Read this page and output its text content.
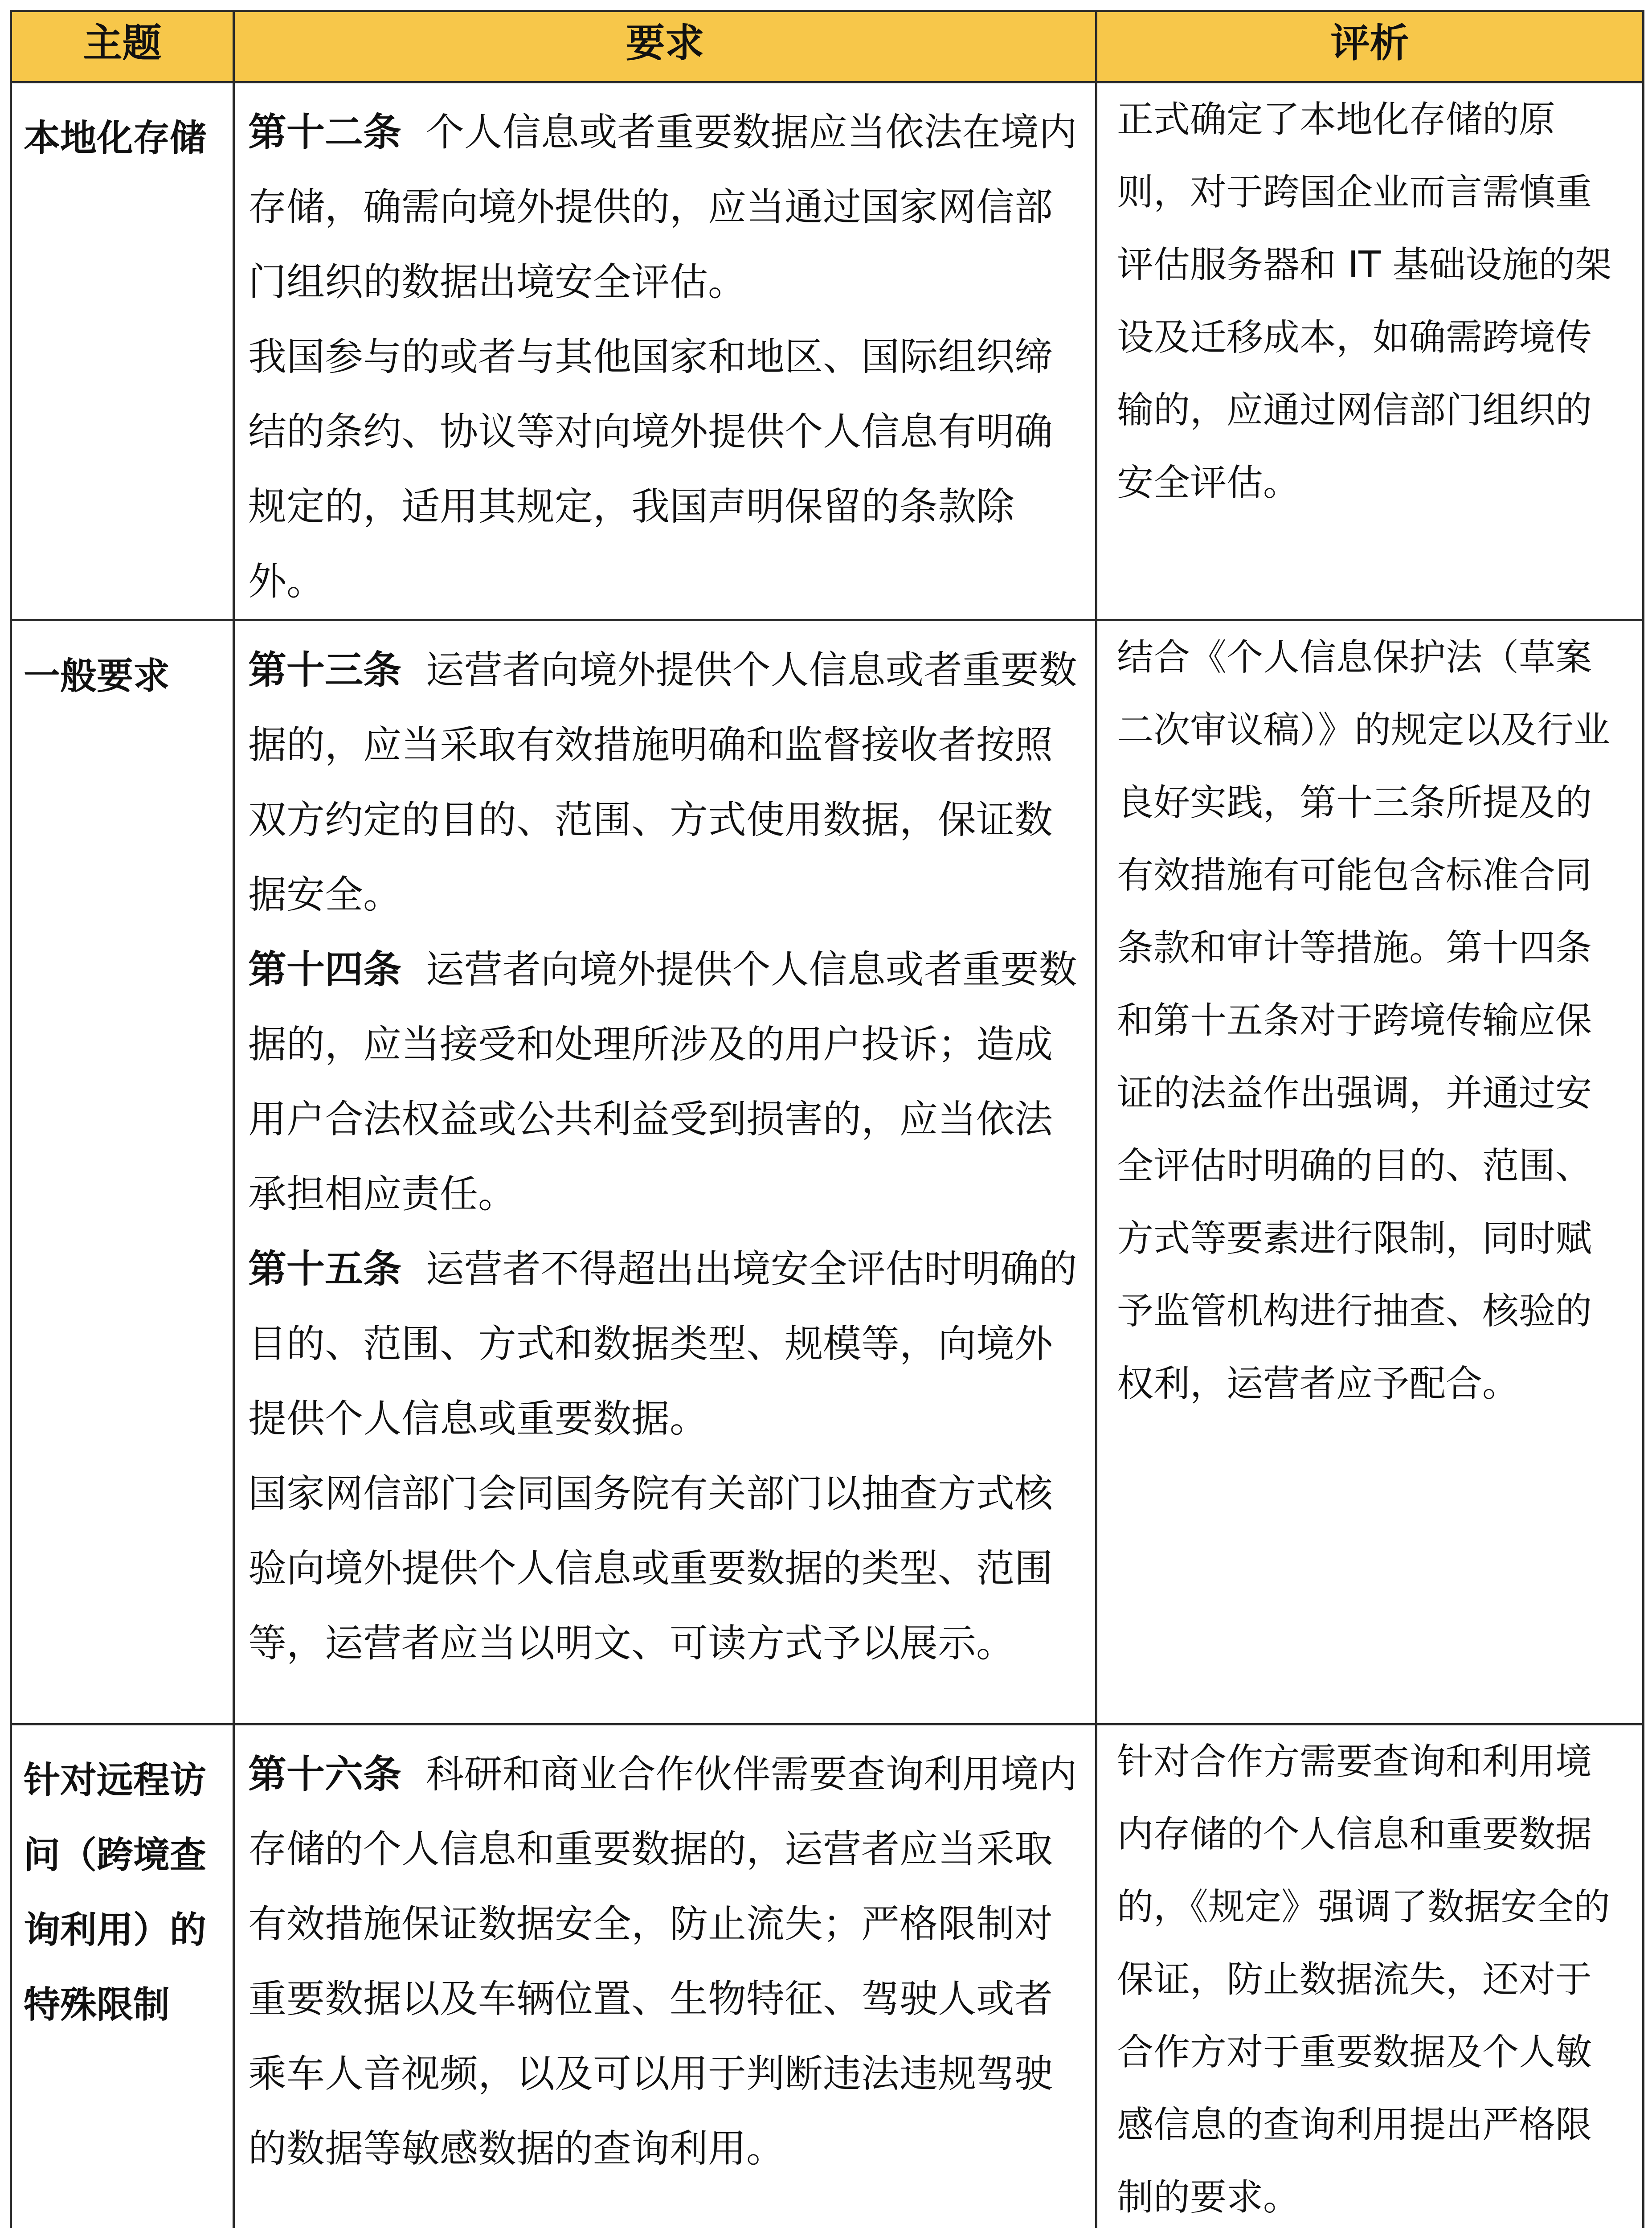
主题	要求	评析
本地化存储	第十二条 个人信息或者重要数据应当依法在境内存储，确需向境外提供的，应当通过国家网信部门组织的数据出境安全评估。

我国参与的或者与其他国家和地区、国际组织缔结的条约、协议等对向境外提供个人信息有明确规定的，适用其规定，我国声明保留的条款除外。	正式确定了本地化存储的原则，对于跨国企业而言需慎重评估服务器和 IT 基础设施的架设及迁移成本，如确需跨境传输的，应通过网信部门组织的安全评估。
一般要求	第十三条 运营者向境外提供个人信息或者重要数据的，应当采取有效措施明确和监督接收者按照双方约定的目的、范围、方式使用数据，保证数据安全。

第十四条 运营者向境外提供个人信息或者重要数据的，应当接受和处理所涉及的用户投诉；造成用户合法权益或公共利益受到损害的，应当依法承担相应责任。

第十五条 运营者不得超出出境安全评估时明确的目的、范围、方式和数据类型、规模等，向境外提供个人信息或重要数据。

国家网信部门会同国务院有关部门以抽查方式核验向境外提供个人信息或重要数据的类型、范围等，运营者应当以明文、可读方式予以展示。	结合《个人信息保护法（草案二次审议稿）》的规定以及行业良好实践，第十三条所提及的有效措施有可能包含标准合同条款和审计等措施。第十四条和第十五条对于跨境传输应保证的法益作出强调，并通过安全评估时明确的目的、范围、方式等要素进行限制，同时赋予监管机构进行抽查、核验的权利，运营者应予配合。
针对远程访问（跨境查询利用）的特殊限制	第十六条 科研和商业合作伙伴需要查询利用境内存储的个人信息和重要数据的，运营者应当采取有效措施保证数据安全，防止流失；严格限制对重要数据以及车辆位置、生物特征、驾驶人或者乘车人音视频，以及可以用于判断违法违规驾驶的数据等敏感数据的查询利用。	针对合作方需要查询和利用境内存储的个人信息和重要数据的，《规定》强调了数据安全的保证，防止数据流失，还对于合作方对于重要数据及个人敏感信息的查询利用提出严格限制的要求。
